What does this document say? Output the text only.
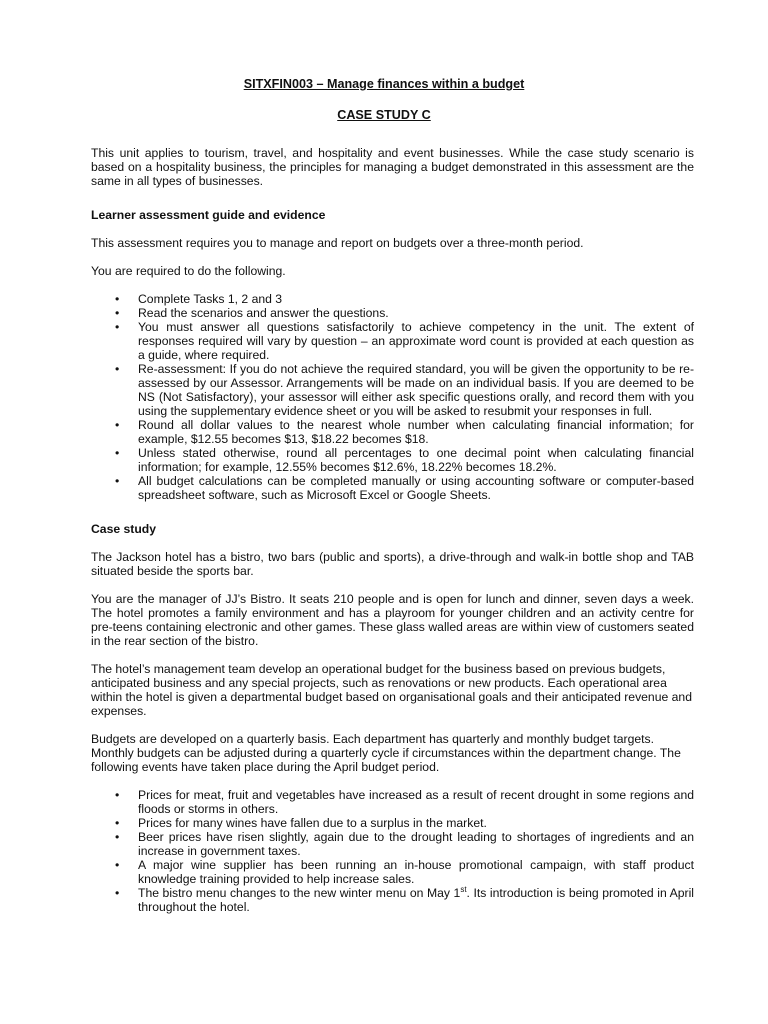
SITXFIN003 – Manage finances within a budget
CASE STUDY C

This unit applies to tourism, travel, and hospitality and event businesses. While the case study scenario is based on a hospitality business, the principles for managing a budget demonstrated in this assessment are the same in all types of businesses.

Learner assessment guide and evidence

This assessment requires you to manage and report on budgets over a three-month period.

You are required to do the following.

• Complete Tasks 1, 2 and 3
• Read the scenarios and answer the questions.
• You must answer all questions satisfactorily to achieve competency in the unit. The extent of responses required will vary by question – an approximate word count is provided at each question as a guide, where required.
• Re-assessment: If you do not achieve the required standard, you will be given the opportunity to be re-assessed by our Assessor. Arrangements will be made on an individual basis. If you are deemed to be NS (Not Satisfactory), your assessor will either ask specific questions orally, and record them with you using the supplementary evidence sheet or you will be asked to resubmit your responses in full.
• Round all dollar values to the nearest whole number when calculating financial information; for example, $12.55 becomes $13, $18.22 becomes $18.
• Unless stated otherwise, round all percentages to one decimal point when calculating financial information; for example, 12.55% becomes $12.6%, 18.22% becomes 18.2%.
• All budget calculations can be completed manually or using accounting software or computer-based spreadsheet software, such as Microsoft Excel or Google Sheets.
Case study

The Jackson hotel has a bistro, two bars (public and sports), a drive-through and walk-in bottle shop and TAB situated beside the sports bar.

You are the manager of JJ’s Bistro. It seats 210 people and is open for lunch and dinner, seven days a week. The hotel promotes a family environment and has a playroom for younger children and an activity centre for pre-teens containing electronic and other games. These glass walled areas are within view of customers seated in the rear section of the bistro.

The hotel’s management team develop an operational budget for the business based on previous budgets, anticipated business and any special projects, such as renovations or new products. Each operational area within the hotel is given a departmental budget based on organisational goals and their anticipated revenue and expenses.

Budgets are developed on a quarterly basis. Each department has quarterly and monthly budget targets. Monthly budgets can be adjusted during a quarterly cycle if circumstances within the department change. The following events have taken place during the April budget period.

• Prices for meat, fruit and vegetables have increased as a result of recent drought in some regions and floods or storms in others.
• Prices for many wines have fallen due to a surplus in the market.
• Beer prices have risen slightly, again due to the drought leading to shortages of ingredients and an increase in government taxes.
• A major wine supplier has been running an in-house promotional campaign, with staff product knowledge training provided to help increase sales.
• The bistro menu changes to the new winter menu on May 1st. Its introduction is being promoted in April throughout the hotel.
